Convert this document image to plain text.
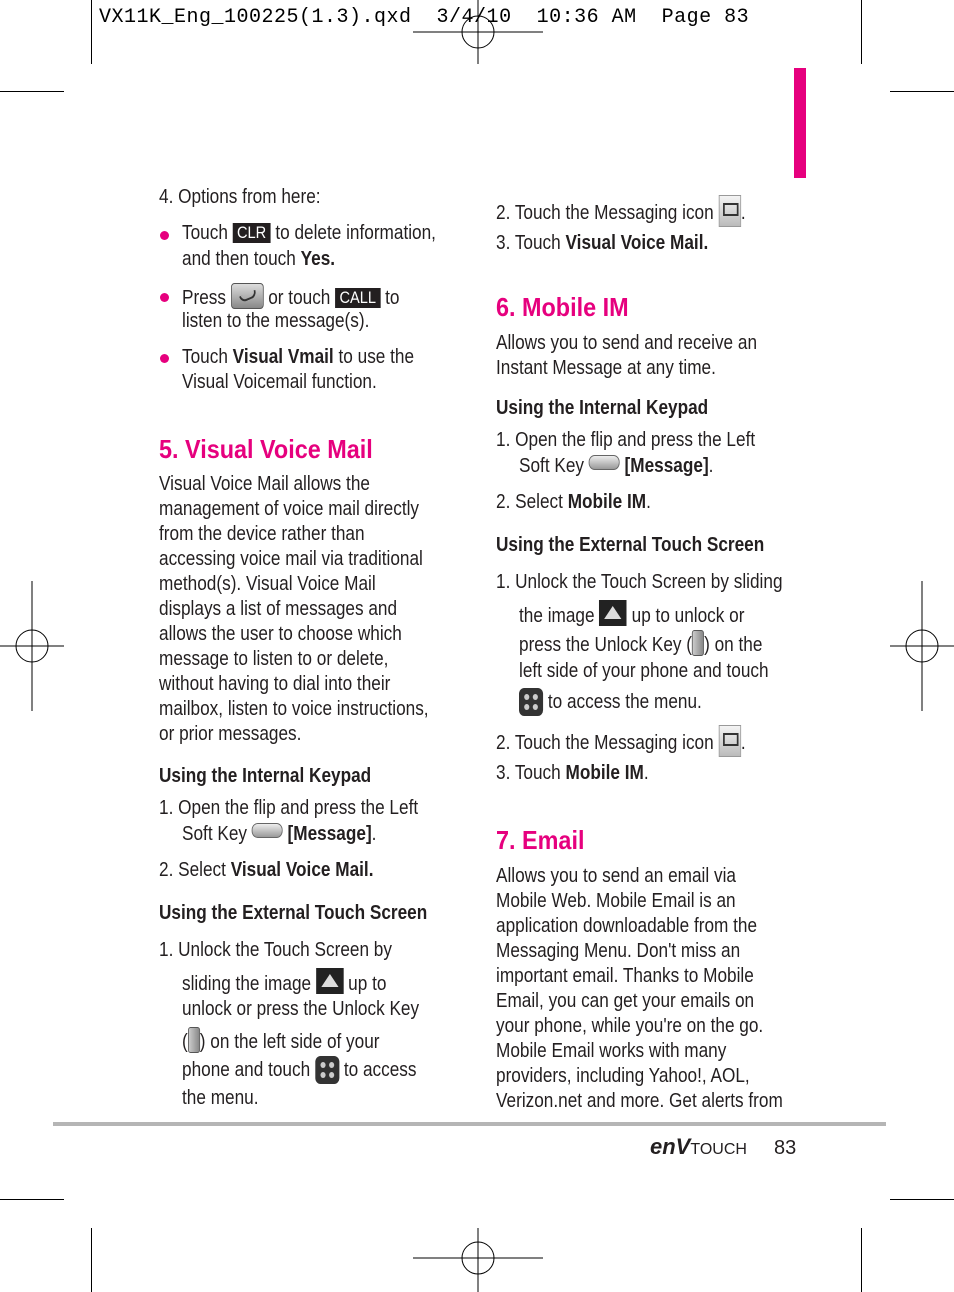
VX11K_Eng_100225(1.3).qxd  3/4/10  10:36 AM  Page 83
4. Options from here:
Touch CLR to delete information,
and then touch Yes.
Press or touch CALL to
listen to the message(s).
Touch Visual Vmail to use the
Visual Voicemail function.
5. Visual Voice Mail
Visual Voice Mail allows the
management of voice mail directly
from the device rather than
accessing voice mail via traditional
method(s). Visual Voice Mail
displays a list of messages and
allows the user to choose which
message to listen to or delete,
without having to dial into their
mailbox, listen to voice instructions,
or prior messages.
Using the Internal Keypad
1. Open the flip and press the Left
Soft Key [Message].
2. Select Visual Voice Mail.
Using the External Touch Screen
1. Unlock the Touch Screen by
sliding the image up to
unlock or press the Unlock Key
( ) on the left side of your
phone and touch to access
the menu.
2. Touch the Messaging icon .
3. Touch Visual Voice Mail.
6. Mobile IM
Allows you to send and receive an
Instant Message at any time.
Using the Internal Keypad
1. Open the flip and press the Left
Soft Key [Message].
2. Select Mobile IM.
Using the External Touch Screen
1. Unlock the Touch Screen by sliding
the image up to unlock or
press the Unlock Key ( ) on the
left side of your phone and touch
to access the menu.
2. Touch the Messaging icon .
3. Touch Mobile IM.
7. Email
Allows you to send an email via
Mobile Web. Mobile Email is an
application downloadable from the
Messaging Menu. Don't miss an
important email. Thanks to Mobile
Email, you can get your emails on
your phone, while you're on the go.
Mobile Email works with many
providers, including Yahoo!, AOL,
Verizon.net and more. Get alerts from
enVTOUCH 83
